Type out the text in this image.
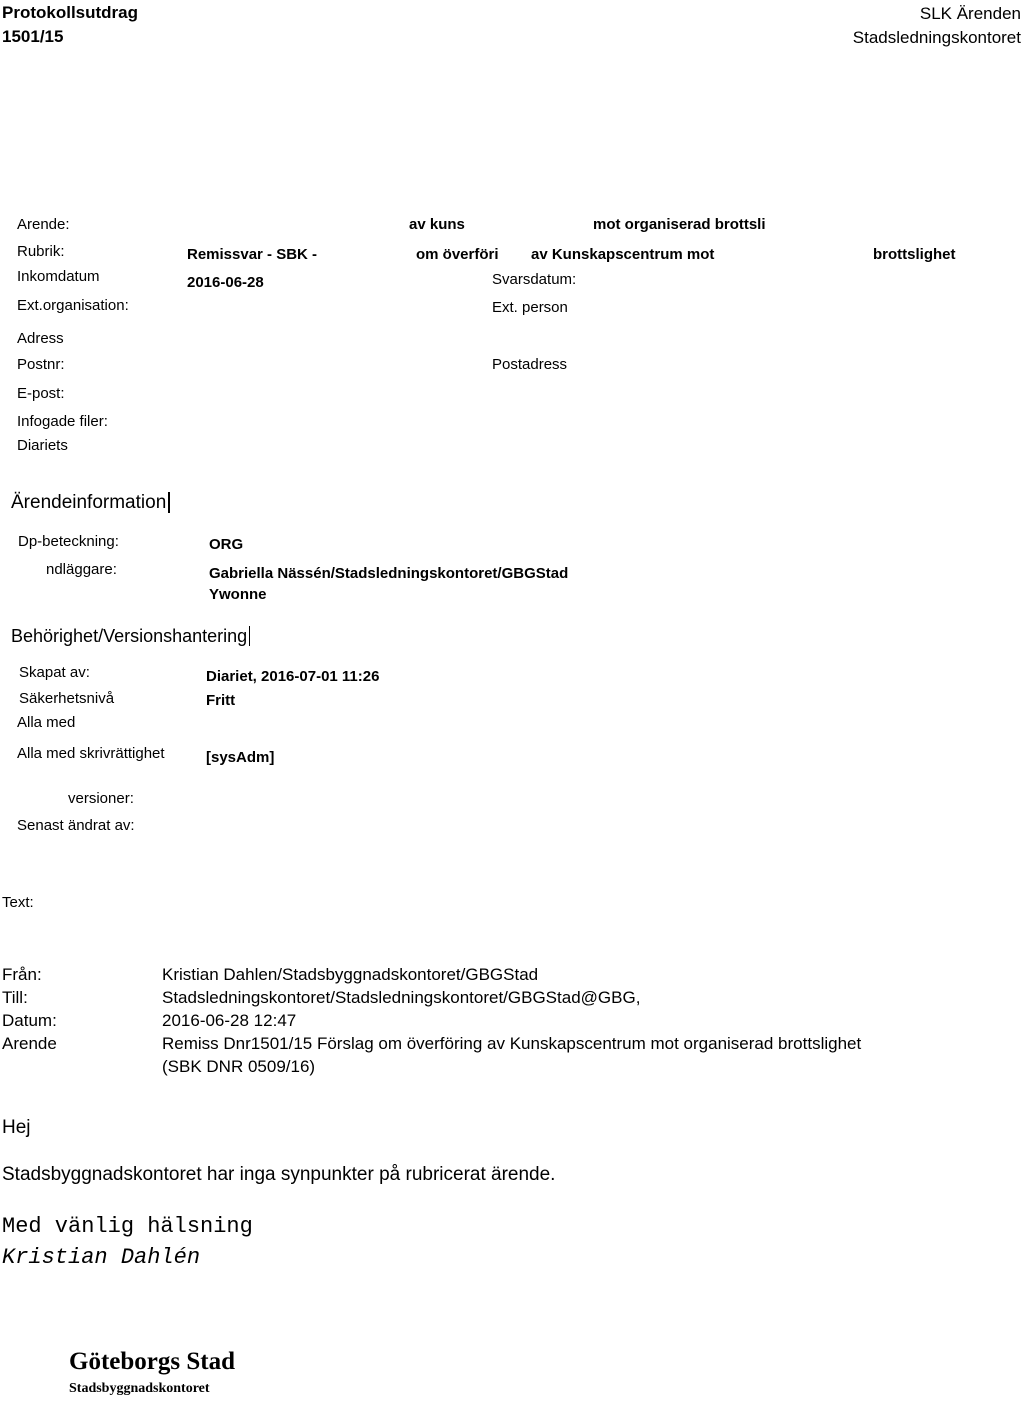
Protokollsutdrag
1501/15
SLK Ärenden
Stadsledningskontoret
Arende:	av kuns	mot organiserad brottsli
Rubrik:	Remissvar - SBK -	om överföri av Kunskapscentrum mot	brottslighet
Inkomdatum	2016-06-28	Svarsdatum:
Ext.organisation:	Ext. person
Adress
Postnr:	Postadress
E-post:
Infogade filer:
Diariets
Ärendeinformation
Dp-beteckning:	ORG
ndläggare:	Gabriella Nässén/Stadsledningskontoret/GBGStad
Ywonne
Behörighet/Versionshantering
Skapat av:	Diariet, 2016-07-01 11:26
Säkerhetsnivå	Fritt
Alla med
Alla med skrivrättighet	[sysAdm]
versioner:
Senast ändrat av:
Text:
Från:	Kristian Dahlen/Stadsbyggnadskontoret/GBGStad
Till:	Stadsledningskontoret/Stadsledningskontoret/GBGStad@GBG,
Datum:	2016-06-28 12:47
Arende	Remiss Dnr1501/15 Förslag om överföring av Kunskapscentrum mot organiserad brottslighet
(SBK DNR 0509/16)
Hej
Stadsbyggnadskontoret har inga synpunkter på rubricerat ärende.
Med vänlig hälsning
Kristian Dahlén
Göteborgs Stad
Stadsbyggnadskontoret
